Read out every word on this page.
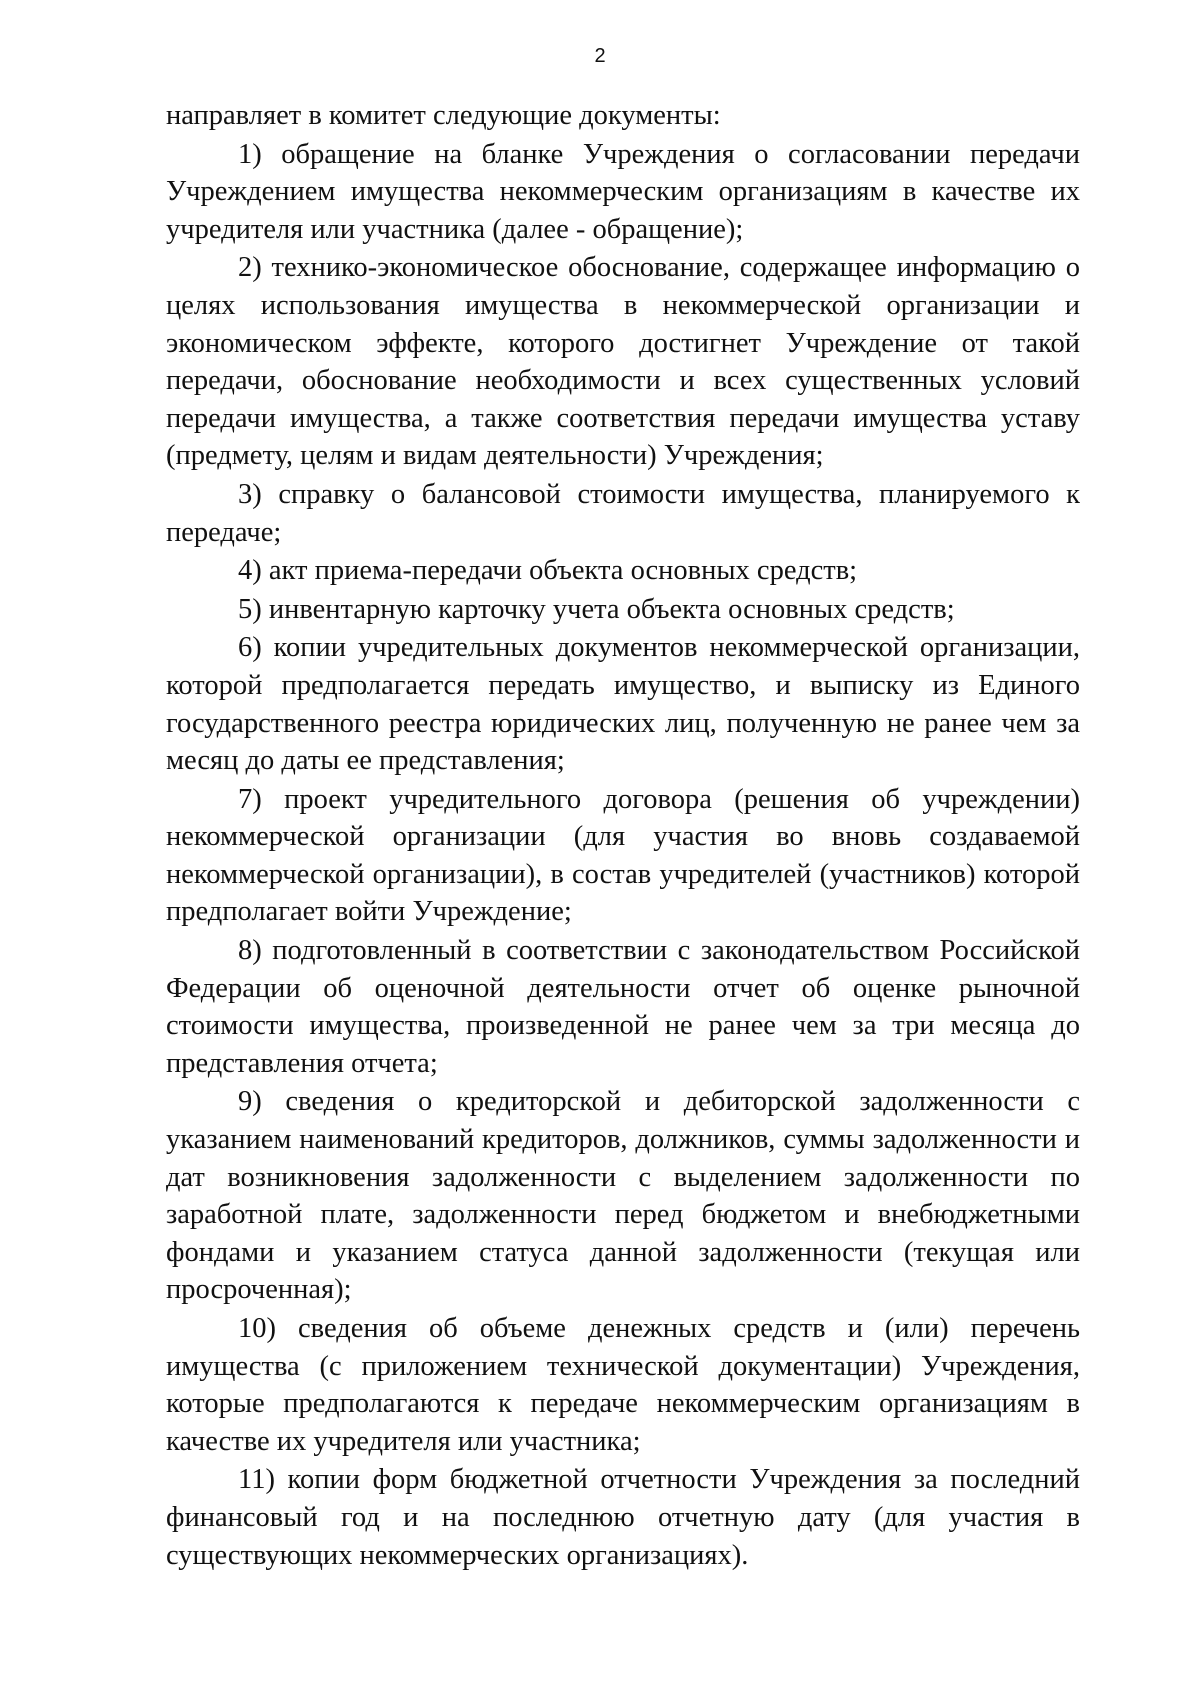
2

направляет в комитет следующие документы:

1) обращение на бланке Учреждения о согласовании передачи Учреждением имущества некоммерческим организациям в качестве их учредителя или участника (далее - обращение);

2) технико-экономическое обоснование, содержащее информацию о целях использования имущества в некоммерческой организации и экономическом эффекте, которого достигнет Учреждение от такой передачи, обоснование необходимости и всех существенных условий передачи имущества, а также соответствия передачи имущества уставу (предмету, целям и видам деятельности) Учреждения;

3) справку о балансовой стоимости имущества, планируемого к передаче;

4) акт приема-передачи объекта основных средств;

5) инвентарную карточку учета объекта основных средств;

6) копии учредительных документов некоммерческой организации, которой предполагается передать имущество, и выписку из Единого государственного реестра юридических лиц, полученную не ранее чем за месяц до даты ее представления;

7) проект учредительного договора (решения об учреждении) некоммерческой организации (для участия во вновь создаваемой некоммерческой организации), в состав учредителей (участников) которой предполагает войти Учреждение;

8) подготовленный в соответствии с законодательством Российской Федерации об оценочной деятельности отчет об оценке рыночной стоимости имущества, произведенной не ранее чем за три месяца до представления отчета;

9) сведения о кредиторской и дебиторской задолженности с указанием наименований кредиторов, должников, суммы задолженности и дат возникновения задолженности с выделением задолженности по заработной плате, задолженности перед бюджетом и внебюджетными фондами и указанием статуса данной задолженности (текущая или просроченная);

10) сведения об объеме денежных средств и (или) перечень имущества (с приложением технической документации) Учреждения, которые предполагаются к передаче некоммерческим организациям в качестве их учредителя или участника;

11) копии форм бюджетной отчетности Учреждения за последний финансовый год и на последнюю отчетную дату (для участия в существующих некоммерческих организациях).
